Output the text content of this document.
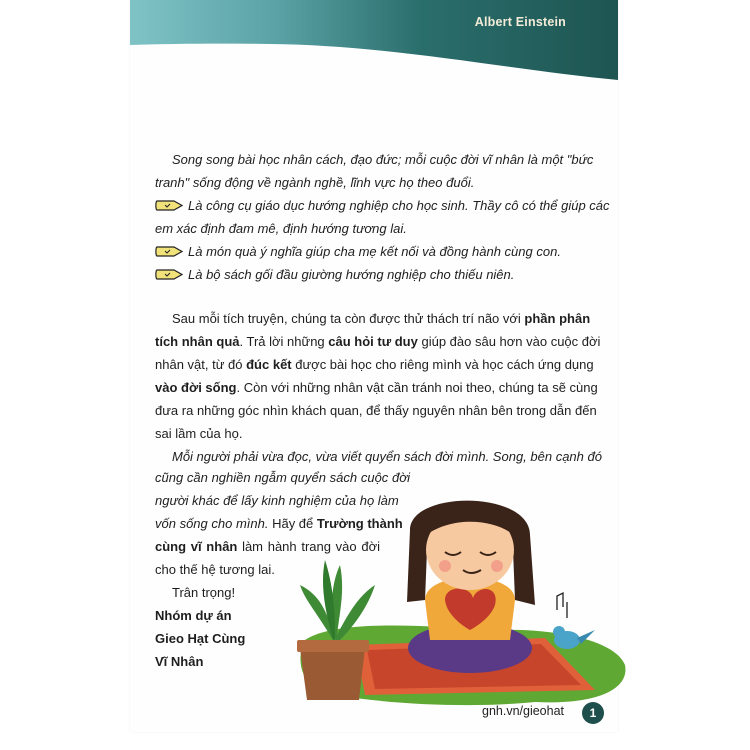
Albert Einstein
Song song bài học nhân cách, đạo đức; mỗi cuộc đời vĩ nhân là một "bức
tranh" sống động về ngành nghề, lĩnh vực họ theo đuổi.
Là công cụ giáo dục hướng nghiệp cho học sinh. Thầy cô có thể giúp các
em xác định đam mê, định hướng tương lai.
Là món quà ý nghĩa giúp cha mẹ kết nối và đồng hành cùng con.
Là bộ sách gối đầu giường hướng nghiệp cho thiếu niên.
Sau mỗi tích truyện, chúng ta còn được thử thách trí não với phần phân
tích nhân quả. Trả lời những câu hỏi tư duy giúp đào sâu hơn vào cuộc đời
nhân vật, từ đó đúc kết được bài học cho riêng mình và học cách ứng dụng
vào đời sống. Còn với những nhân vật cần tránh noi theo, chúng ta sẽ cùng
đưa ra những góc nhìn khách quan, để thấy nguyên nhân bên trong dẫn đến
sai lầm của họ.
Mỗi người phải vừa đọc, vừa viết quyển sách đời mình. Song, bên cạnh đó
cũng cần nghiền ngẫm quyển sách cuộc đời
người khác để lấy kinh nghiệm của họ làm
vốn sống cho mình. Hãy để Trường thành
cùng vĩ nhân làm hành trang vào đời
cho thế hệ tương lai.
Trân trọng!
Nhóm dự án
Gieo Hạt Cùng
Vĩ Nhân
gnh.vn/gieohat	1
